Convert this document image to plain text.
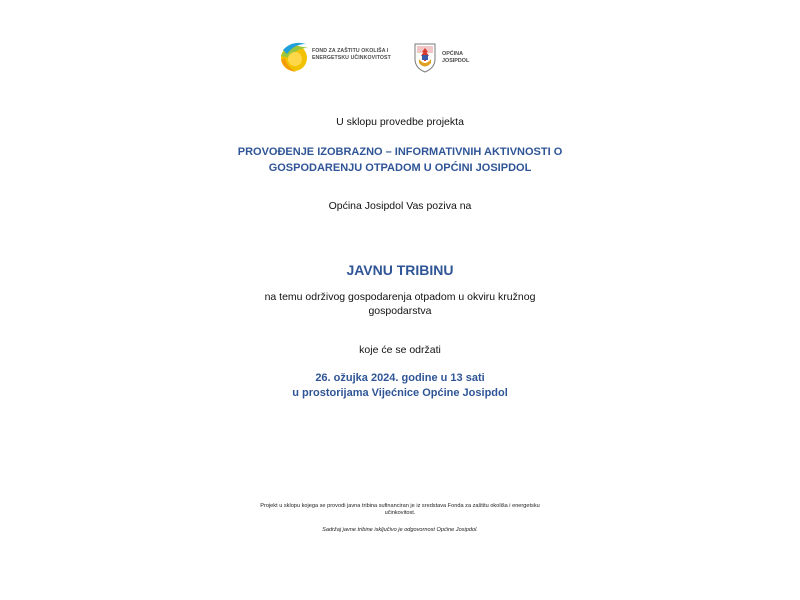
FOND ZA ZAŠTITU OKOLIŠA I
ENERGETSKU UČINKOVITOST
OPĆINA
JOSIPDOL
U sklopu provedbe projekta
PROVOĐENJE IZOBRAZNO – INFORMATIVNIH AKTIVNOSTI O
GOSPODARENJU OTPADOM U OPĆINI JOSIPDOL
Općina Josipdol Vas poziva na
JAVNU TRIBINU
na temu održivog gospodarenja otpadom u okviru kružnog
gospodarstva
koje će se održati
26. ožujka 2024. godine u 13 sati
u prostorijama Vijećnice Općine Josipdol
Projekt u sklopu kojega se provodi javna tribina sufinanciran je iz sredstava Fonda za zaštitu okoliša i energetsku
učinkovitost.
Sadržaj javne tribine isključivo je odgovornost Općine Josipdol.
